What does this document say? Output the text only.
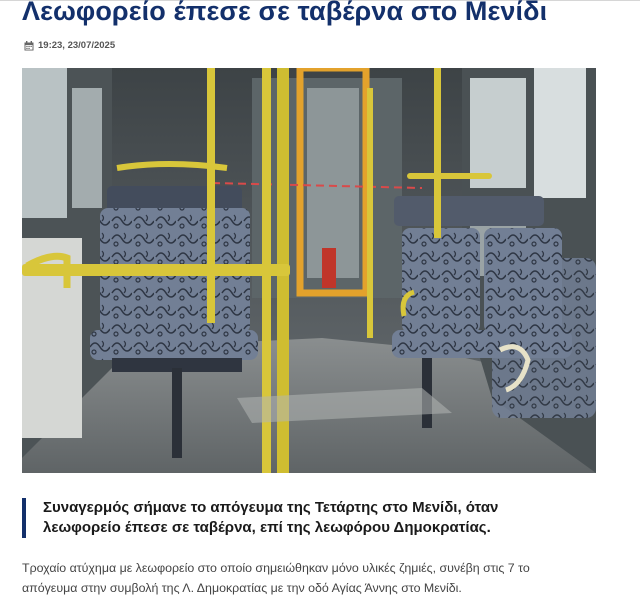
Λεωφορείο έπεσε σε ταβέρνα στο Μενίδι
19:23, 23/07/2025

Συναγερμός σήμανε το απόγευμα της Τετάρτης στο Μενίδι, όταν

λεωφορείο έπεσε σε ταβέρνα, επί της λεωφόρου Δημοκρατίας.

Τροχαίο ατύχημα με λεωφορείο στο οποίο σημειώθηκαν μόνο υλικές ζημιές, συνέβη στις 7 το
απόγευμα στην συμβολή της Λ. Δημοκρατίας με την οδό Αγίας Άννης στο Μενίδι.
